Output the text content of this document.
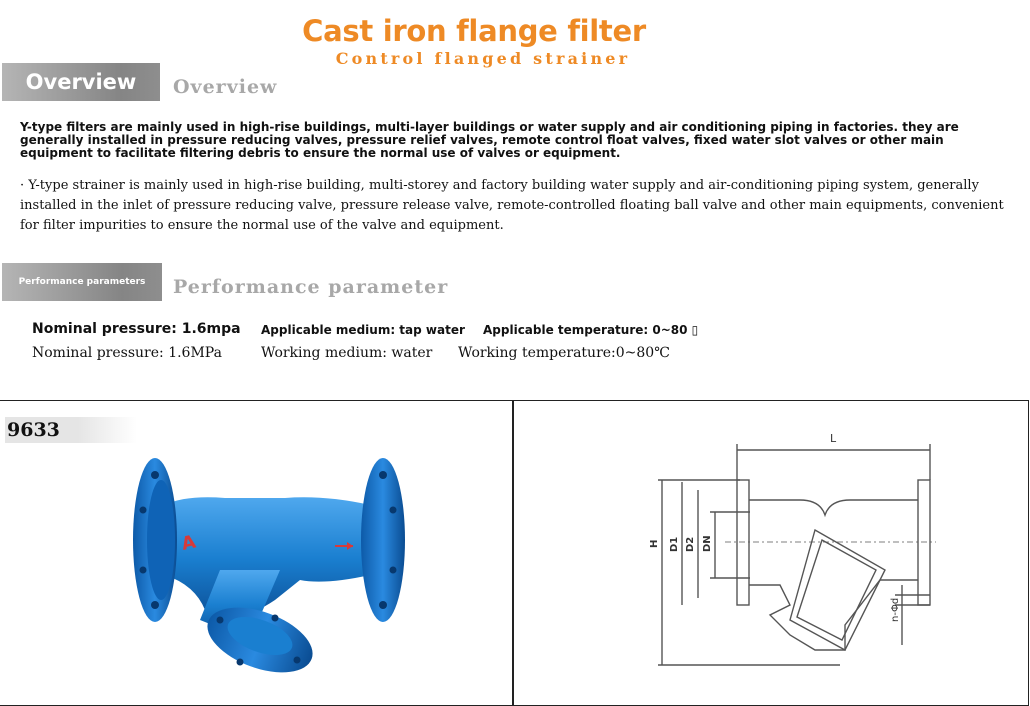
Cast iron flange filter
Control flanged strainer
Overview	Overview
Y-type filters are mainly used in high-rise buildings, multi-layer buildings or water supply and air conditioning piping in factories. they are generally installed in pressure reducing valves, pressure relief valves, remote control float valves, fixed water slot valves or other main equipment to facilitate filtering debris to ensure the normal use of valves or equipment.
· Y-type strainer is mainly used in high-rise building, multi-storey and factory building water supply and air-conditioning piping system, generally installed in the inlet of pressure reducing valve, pressure release valve, remote-controlled floating ball valve and other main equipments, convenient for filter impurities to ensure the normal use of the valve and equipment.
Performance parameters	Performance parameter
Nominal pressure: 1.6mpa Applicable medium: tap water Applicable temperature: 0~80 ▯
Nominal pressure: 1.6MPa	Working medium: water Working temperature:0~80℃
9633
A
L
H D1 D2 DN
n-Φd
